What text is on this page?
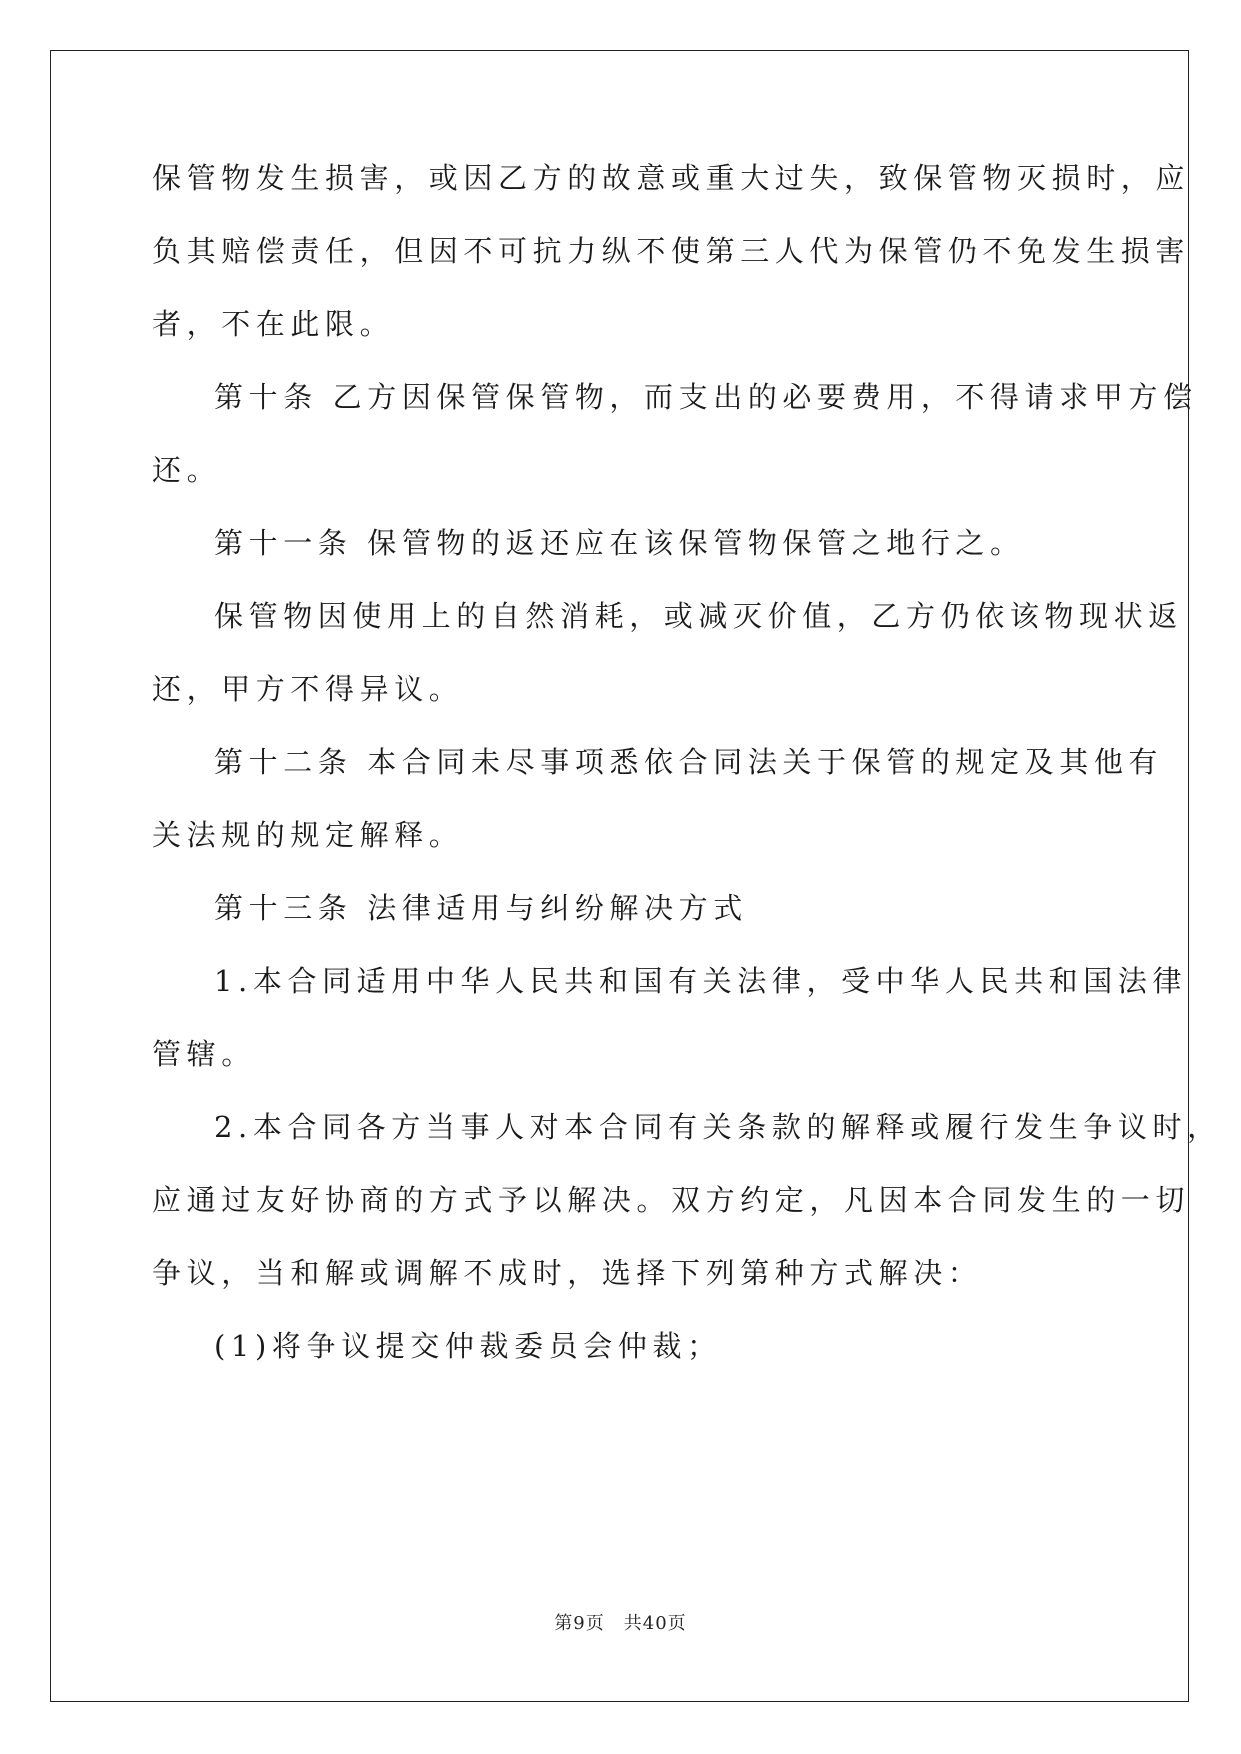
保管物发生损害，或因乙方的故意或重大过失，致保管物灭损时，应
负其赔偿责任，但因不可抗力纵不使第三人代为保管仍不免发生损害
者，不在此限。
第十条 乙方因保管保管物，而支出的必要费用，不得请求甲方偿
还。
第十一条 保管物的返还应在该保管物保管之地行之。
保管物因使用上的自然消耗，或减灭价值，乙方仍依该物现状返
还，甲方不得异议。
第十二条 本合同未尽事项悉依合同法关于保管的规定及其他有
关法规的规定解释。
第十三条 法律适用与纠纷解决方式
1.本合同适用中华人民共和国有关法律，受中华人民共和国法律
管辖。
2.本合同各方当事人对本合同有关条款的解释或履行发生争议时，
应通过友好协商的方式予以解决。双方约定，凡因本合同发生的一切
争议，当和解或调解不成时，选择下列第种方式解决：
(1)将争议提交仲裁委员会仲裁；
第9页　共40页
